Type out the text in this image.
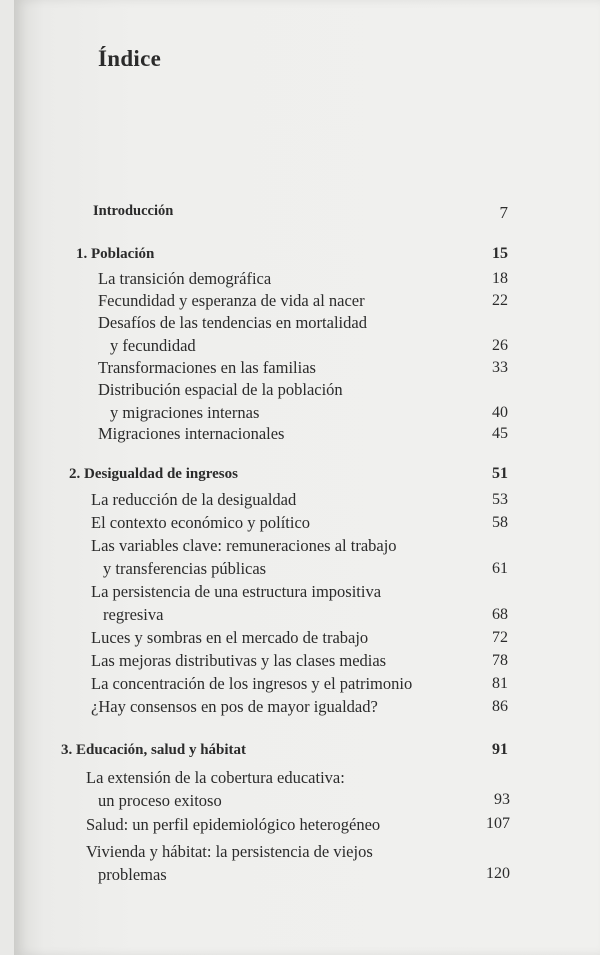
Índice
Introducción	7
1. Población	15
La transición demográfica	18
Fecundidad y esperanza de vida al nacer	22
Desafíos de las tendencias en mortalidad
y fecundidad	26
Transformaciones en las familias	33
Distribución espacial de la población
y migraciones internas	40
Migraciones internacionales	45
2. Desigualdad de ingresos	51
La reducción de la desigualdad	53
El contexto económico y político	58
Las variables clave: remuneraciones al trabajo
y transferencias públicas	61
La persistencia de una estructura impositiva
regresiva	68
Luces y sombras en el mercado de trabajo	72
Las mejoras distributivas y las clases medias	78
La concentración de los ingresos y el patrimonio	81
¿Hay consensos en pos de mayor igualdad?	86
3. Educación, salud y hábitat	91
La extensión de la cobertura educativa:
un proceso exitoso	93
Salud: un perfil epidemiológico heterogéneo	107
Vivienda y hábitat: la persistencia de viejos
problemas	120
